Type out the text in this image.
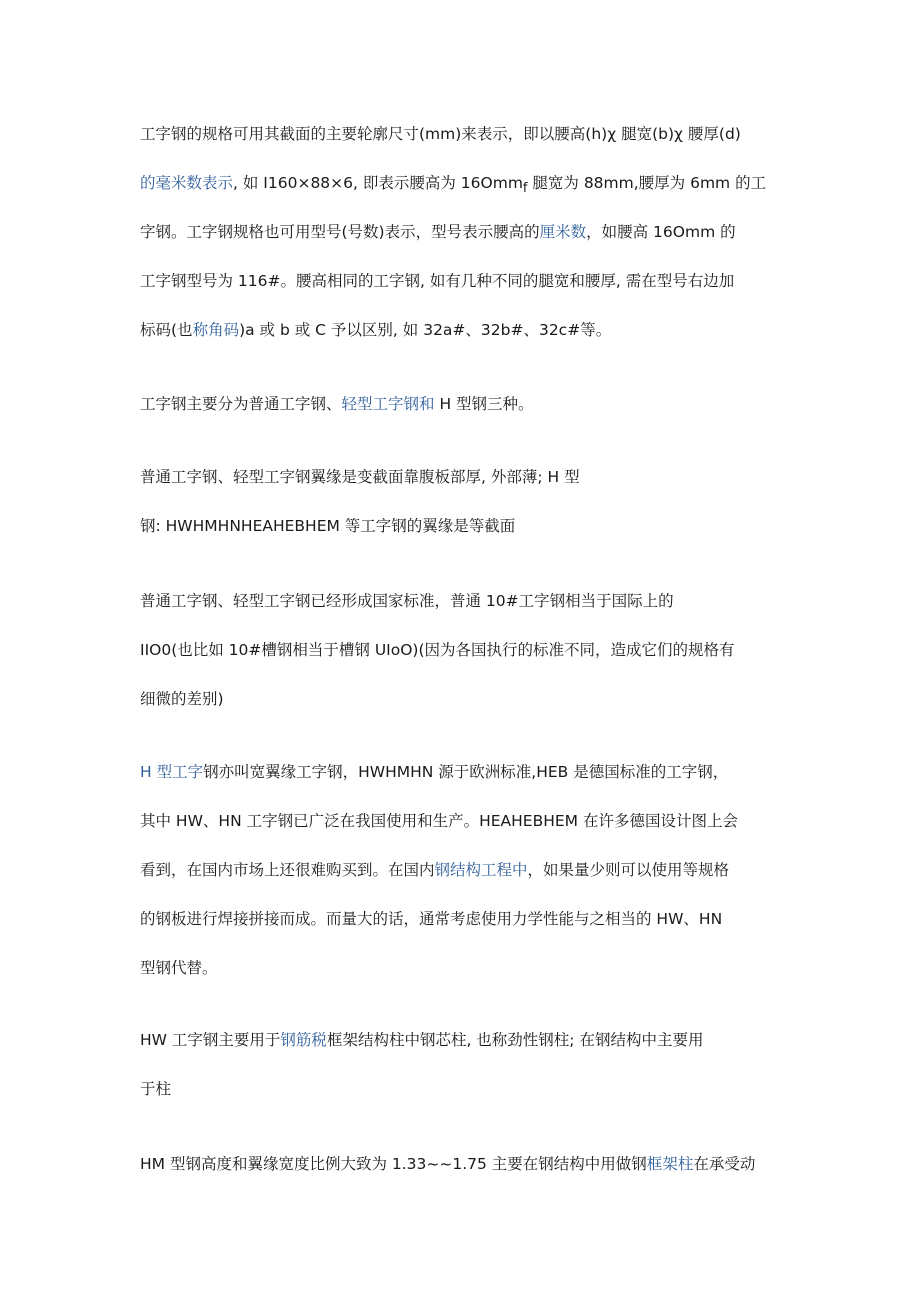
工字钢的规格可用其截面的主要轮廓尺寸(mm)来表示，即以腰高(h)χ 腿宽(b)χ 腰厚(d)
的毫米数表示, 如 I160×88×6, 即表示腰高为 16Omm$_f$ 腿宽为 88mm,腰厚为 6mm 的工
字钢。工字钢规格也可用型号(号数)表示，型号表示腰高的厘米数，如腰高 16Omm 的
工字钢型号为 116#。腰高相同的工字钢, 如有几种不同的腿宽和腰厚, 需在型号右边加
标码(也称角码)a 或 b 或 C 予以区别, 如 32a#、32b#、32c#等。
工字钢主要分为普通工字钢、轻型工字钢和 H 型钢三种。
普通工字钢、轻型工字钢翼缘是变截面靠腹板部厚, 外部薄; H 型
钢: HWHMHNHEAHEBHEM 等工字钢的翼缘是等截面
普通工字钢、轻型工字钢已经形成国家标准，普通 10#工字钢相当于国际上的
IIO0(也比如 10#槽钢相当于槽钢 UIoO)(因为各国执行的标准不同，造成它们的规格有
细微的差别)
H 型工字钢亦叫宽翼缘工字钢，HWHMHN 源于欧洲标准,HEB 是德国标准的工字钢，
其中 HW、HN 工字钢已广泛在我国使用和生产。HEAHEBHEM 在许多德国设计图上会
看到，在国内市场上还很难购买到。在国内钢结构工程中，如果量少则可以使用等规格
的钢板进行焊接拼接而成。而量大的话，通常考虑使用力学性能与之相当的 HW、HN
型钢代替。
HW 工字钢主要用于钢筋税框架结构柱中钢芯柱, 也称劲性钢柱; 在钢结构中主要用
于柱
HM 型钢高度和翼缘宽度比例大致为 1.33~~1.75 主要在钢结构中用做钢框架柱在承受动
